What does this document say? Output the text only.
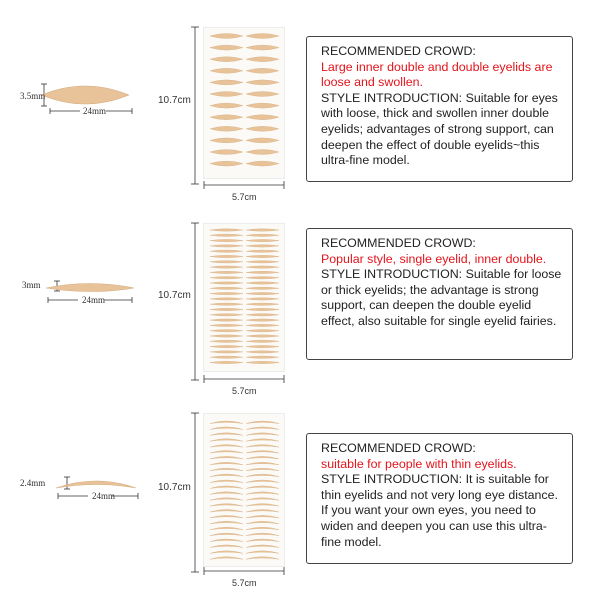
3.5mm
24mm
10.7cm
5.7cm

RECOMMENDED CROWD:

Large inner double and double eyelids are loose and swollen.

STYLE INTRODUCTION: Suitable for eyes with loose, thick and swollen inner double eyelids; advantages of strong support, can deepen the effect of double eyelids~this ultra-fine model.

3mm
24mm	10.7cm
5.7cm

RECOMMENDED CROWD:

Popular style, single eyelid, inner double.

STYLE INTRODUCTION: Suitable for loose or thick eyelids; the advantage is strong support, can deepen the double eyelid effect, also suitable for single eyelid fairies.

2.4mm
24mm
10.7cm
5.7cm

RECOMMENDED CROWD:

suitable for people with thin eyelids.

STYLE INTRODUCTION: It is suitable for thin eyelids and not very long eye distance. If you want your own eyes, you need to widen and deepen you can use this ultra-fine model.
